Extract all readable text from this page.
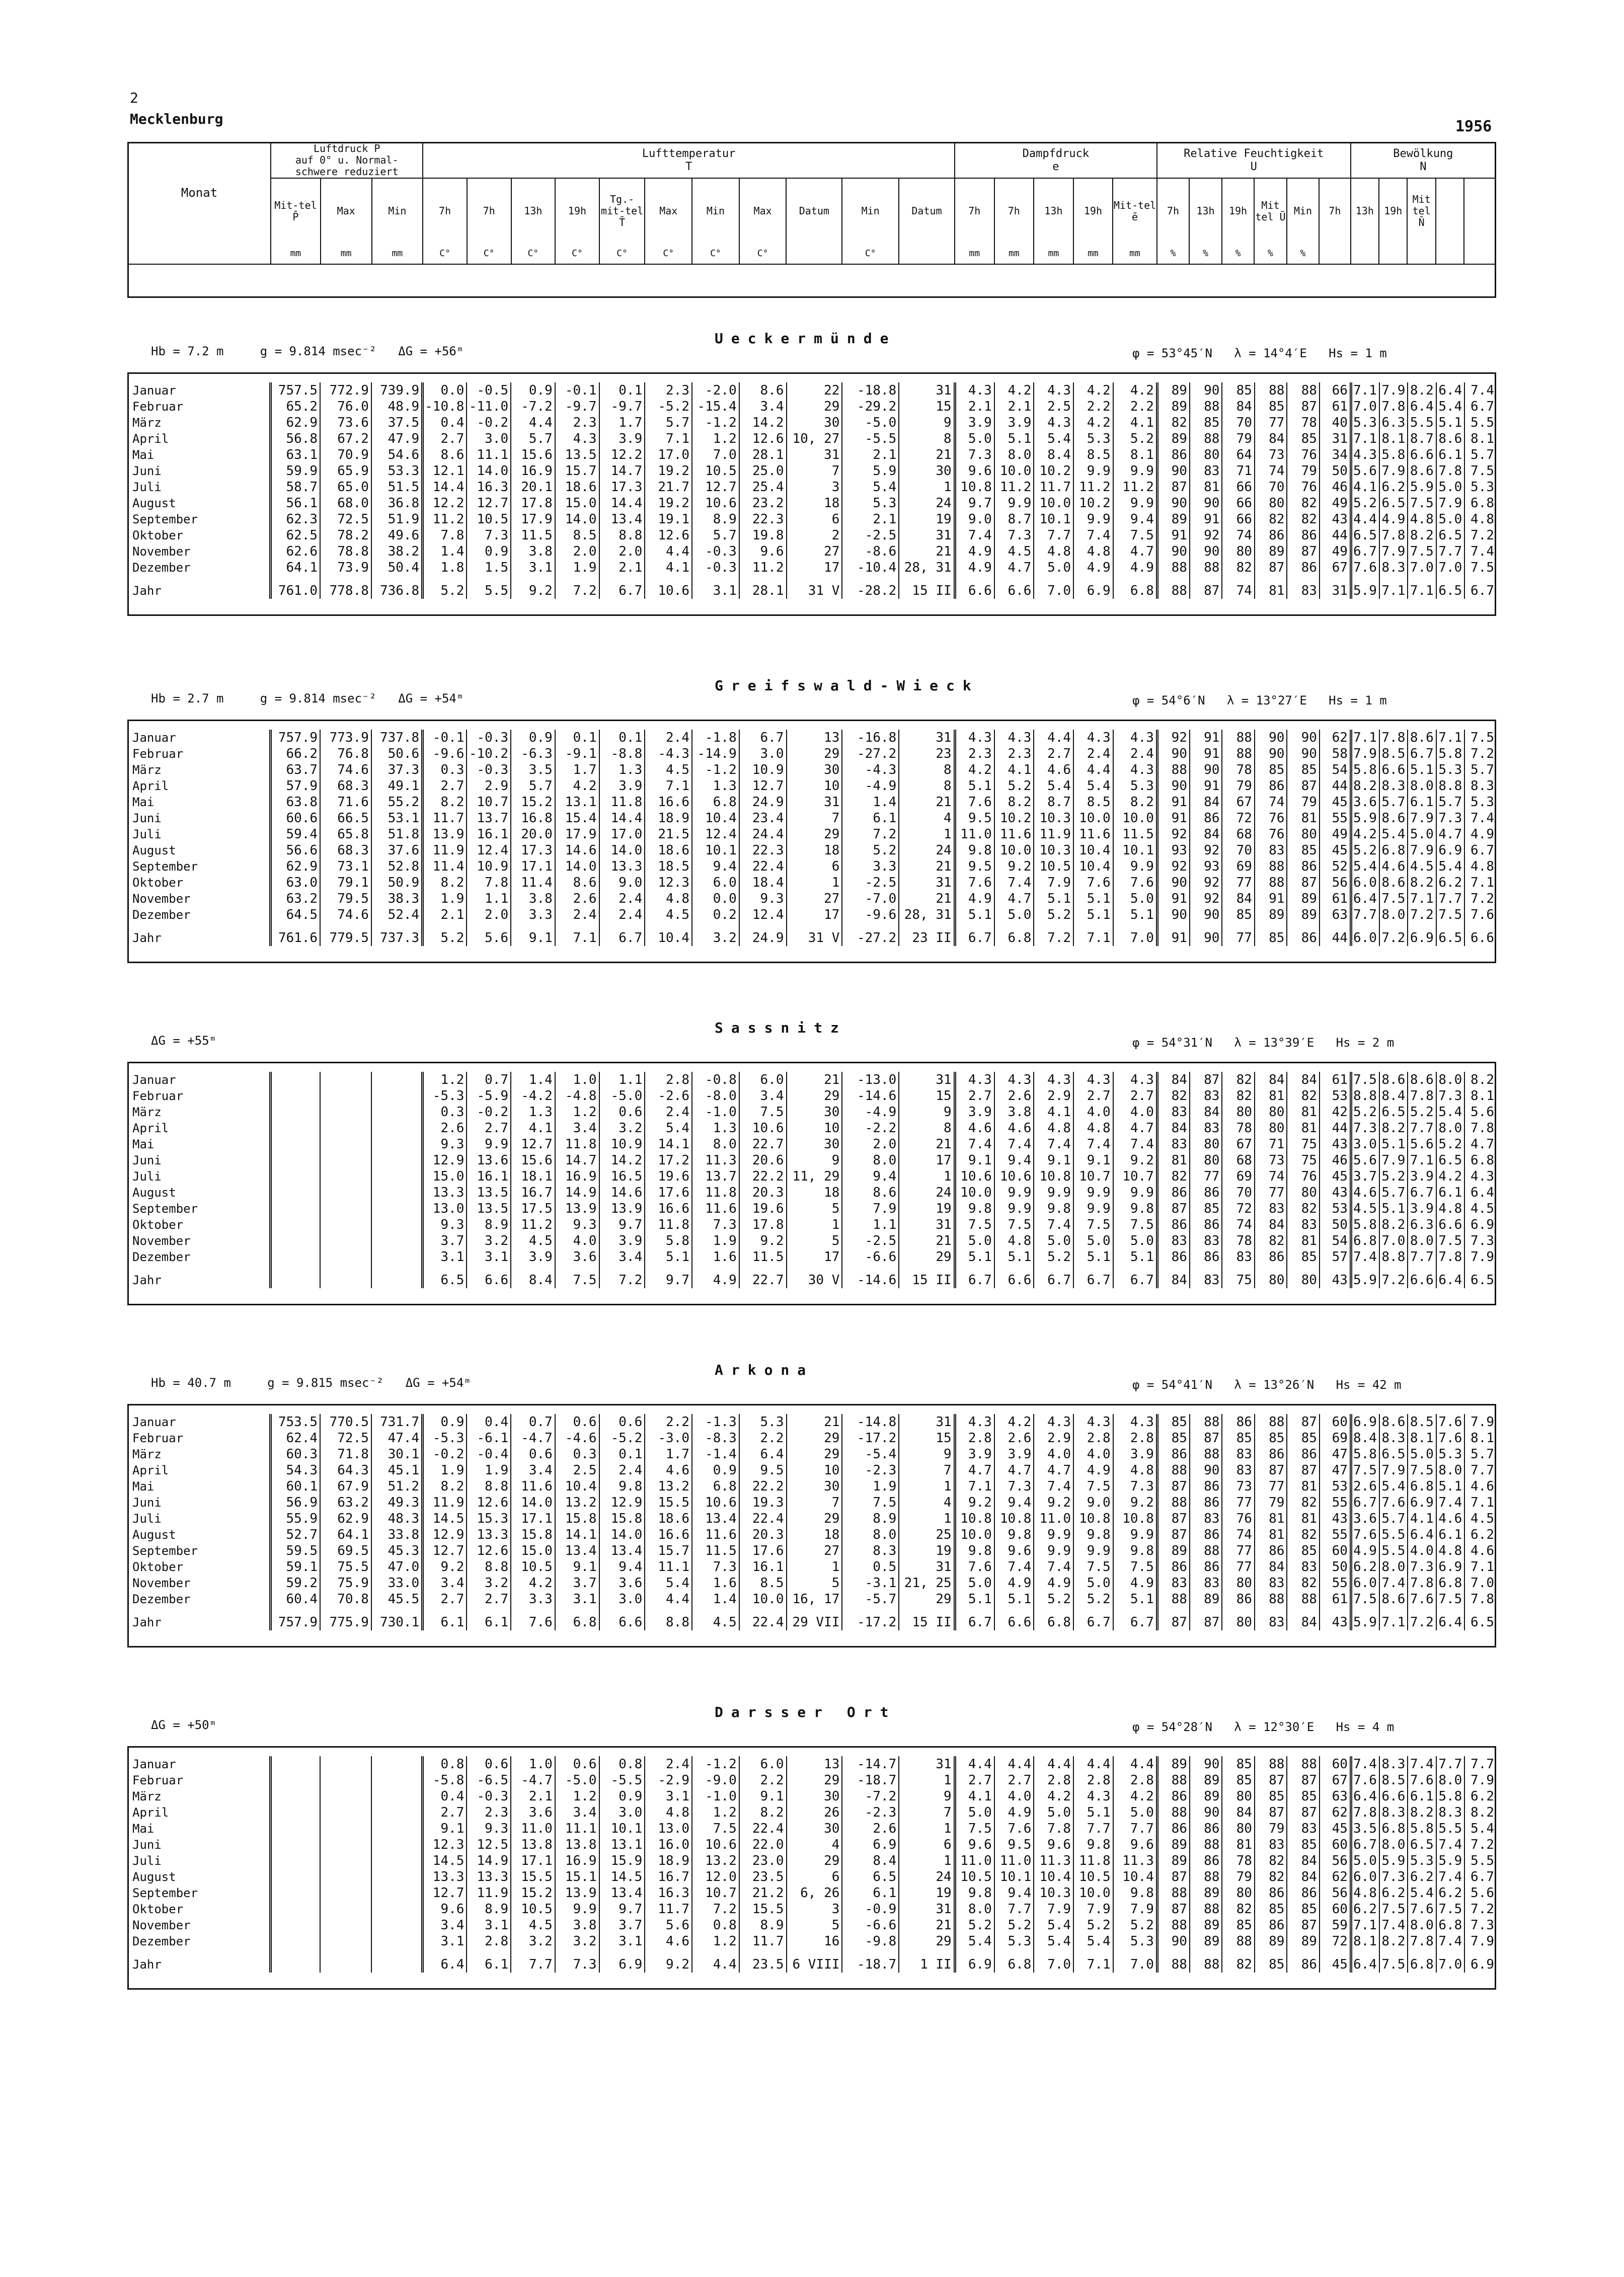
2
Mecklenburg	1956
Monat	Luftdruck P
auf 0° u. Normal-
schwere reduziert			Lufttemperatur
T											Dampfdruck
e					Relative Feuchtigkeit
U						Bewölkung
N				
	Mit-tel P̄	Max	Min	7h	7h	13h	19h	Tg.-mit-tel T̄	Max	Min	Max	Datum	Min	Datum	7h	7h	13h	19h	Mit-tel ē	7h	13h	19h	Mit tel Ū	Min	7h	13h	19h	Mit tel N̄		
	mm	mm	mm	C°	C°	C°	C°	C°	C°	C°	C°		C°		mm	mm	mm	mm	mm	%	%	%	%	%						

Ueckermünde
Hb = 7.2 m     g = 9.814 msec⁻²   ΔG = +56ᵐ	φ = 53°45′N   λ = 14°4′E   Hs = 1 m
Januar	757.5	772.9	739.9	0.0	-0.5	0.9	-0.1	0.1	2.3	-2.0	8.6	22	-18.8	31	4.3	4.2	4.3	4.2	4.2	89	90	85	88	88	66	7.1	7.9	8.2	6.4	7.4
Februar	65.2	76.0	48.9	-10.8	-11.0	-7.2	-9.7	-9.7	-5.2	-15.4	3.4	29	-29.2	15	2.1	2.1	2.5	2.2	2.2	89	88	84	85	87	61	7.0	7.8	6.4	5.4	6.7
März	62.9	73.6	37.5	0.4	-0.2	4.4	2.3	1.7	5.7	-1.2	14.2	30	-5.0	9	3.9	3.9	4.3	4.2	4.1	82	85	70	77	78	40	5.3	6.3	5.5	5.1	5.5
April	56.8	67.2	47.9	2.7	3.0	5.7	4.3	3.9	7.1	1.2	12.6	10, 27	-5.5	8	5.0	5.1	5.4	5.3	5.2	89	88	79	84	85	31	7.1	8.1	8.7	8.6	8.1
Mai	63.1	70.9	54.6	8.6	11.1	15.6	13.5	12.2	17.0	7.0	28.1	31	2.1	21	7.3	8.0	8.4	8.5	8.1	86	80	64	73	76	34	4.3	5.8	6.6	6.1	5.7
Juni	59.9	65.9	53.3	12.1	14.0	16.9	15.7	14.7	19.2	10.5	25.0	7	5.9	30	9.6	10.0	10.2	9.9	9.9	90	83	71	74	79	50	5.6	7.9	8.6	7.8	7.5
Juli	58.7	65.0	51.5	14.4	16.3	20.1	18.6	17.3	21.7	12.7	25.4	3	5.4	1	10.8	11.2	11.7	11.2	11.2	87	81	66	70	76	46	4.1	6.2	5.9	5.0	5.3
August	56.1	68.0	36.8	12.2	12.7	17.8	15.0	14.4	19.2	10.6	23.2	18	5.3	24	9.7	9.9	10.0	10.2	9.9	90	90	66	80	82	49	5.2	6.5	7.5	7.9	6.8
September	62.3	72.5	51.9	11.2	10.5	17.9	14.0	13.4	19.1	8.9	22.3	6	2.1	19	9.0	8.7	10.1	9.9	9.4	89	91	66	82	82	43	4.4	4.9	4.8	5.0	4.8
Oktober	62.5	78.2	49.6	7.8	7.3	11.5	8.5	8.8	12.6	5.7	19.8	2	-2.5	31	7.4	7.3	7.7	7.4	7.5	91	92	74	86	86	44	6.5	7.8	8.2	6.5	7.2
November	62.6	78.8	38.2	1.4	0.9	3.8	2.0	2.0	4.4	-0.3	9.6	27	-8.6	21	4.9	4.5	4.8	4.8	4.7	90	90	80	89	87	49	6.7	7.9	7.5	7.7	7.4
Dezember	64.1	73.9	50.4	1.8	1.5	3.1	1.9	2.1	4.1	-0.3	11.2	17	-10.4	28, 31	4.9	4.7	5.0	4.9	4.9	88	88	82	87	86	67	7.6	8.3	7.0	7.0	7.5
Jahr	761.0	778.8	736.8	5.2	5.5	9.2	7.2	6.7	10.6	3.1	28.1	31 V	-28.2	15 II	6.6	6.6	7.0	6.9	6.8	88	87	74	81	83	31	5.9	7.1	7.1	6.5	6.7
Greifswald-Wieck
Hb = 2.7 m     g = 9.814 msec⁻²   ΔG = +54ᵐ	φ = 54°6′N   λ = 13°27′E   Hs = 1 m
Januar	757.9	773.9	737.8	-0.1	-0.3	0.9	0.1	0.1	2.4	-1.8	6.7	13	-16.8	31	4.3	4.3	4.4	4.3	4.3	92	91	88	90	90	62	7.1	7.8	8.6	7.1	7.5
Februar	66.2	76.8	50.6	-9.6	-10.2	-6.3	-9.1	-8.8	-4.3	-14.9	3.0	29	-27.2	23	2.3	2.3	2.7	2.4	2.4	90	91	88	90	90	58	7.9	8.5	6.7	5.8	7.2
März	63.7	74.6	37.3	0.3	-0.3	3.5	1.7	1.3	4.5	-1.2	10.9	30	-4.3	8	4.2	4.1	4.6	4.4	4.3	88	90	78	85	85	54	5.8	6.6	5.1	5.3	5.7
April	57.9	68.3	49.1	2.7	2.9	5.7	4.2	3.9	7.1	1.3	12.7	10	-4.9	8	5.1	5.2	5.4	5.4	5.3	90	91	79	86	87	44	8.2	8.3	8.0	8.8	8.3
Mai	63.8	71.6	55.2	8.2	10.7	15.2	13.1	11.8	16.6	6.8	24.9	31	1.4	21	7.6	8.2	8.7	8.5	8.2	91	84	67	74	79	45	3.6	5.7	6.1	5.7	5.3
Juni	60.6	66.5	53.1	11.7	13.7	16.8	15.4	14.4	18.9	10.4	23.4	7	6.1	4	9.5	10.2	10.3	10.0	10.0	91	86	72	76	81	55	5.9	8.6	7.9	7.3	7.4
Juli	59.4	65.8	51.8	13.9	16.1	20.0	17.9	17.0	21.5	12.4	24.4	29	7.2	1	11.0	11.6	11.9	11.6	11.5	92	84	68	76	80	49	4.2	5.4	5.0	4.7	4.9
August	56.6	68.3	37.6	11.9	12.4	17.3	14.6	14.0	18.6	10.1	22.3	18	5.2	24	9.8	10.0	10.3	10.4	10.1	93	92	70	83	85	45	5.2	6.8	7.9	6.9	6.7
September	62.9	73.1	52.8	11.4	10.9	17.1	14.0	13.3	18.5	9.4	22.4	6	3.3	21	9.5	9.2	10.5	10.4	9.9	92	93	69	88	86	52	5.4	4.6	4.5	5.4	4.8
Oktober	63.0	79.1	50.9	8.2	7.8	11.4	8.6	9.0	12.3	6.0	18.4	1	-2.5	31	7.6	7.4	7.9	7.6	7.6	90	92	77	88	87	56	6.0	8.6	8.2	6.2	7.1
November	63.2	79.5	38.3	1.9	1.1	3.8	2.6	2.4	4.8	0.0	9.3	27	-7.0	21	4.9	4.7	5.1	5.1	5.0	91	92	84	91	89	61	6.4	7.5	7.1	7.7	7.2
Dezember	64.5	74.6	52.4	2.1	2.0	3.3	2.4	2.4	4.5	0.2	12.4	17	-9.6	28, 31	5.1	5.0	5.2	5.1	5.1	90	90	85	89	89	63	7.7	8.0	7.2	7.5	7.6
Jahr	761.6	779.5	737.3	5.2	5.6	9.1	7.1	6.7	10.4	3.2	24.9	31 V	-27.2	23 II	6.7	6.8	7.2	7.1	7.0	91	90	77	85	86	44	6.0	7.2	6.9	6.5	6.6
Sassnitz
ΔG = +55ᵐ	φ = 54°31′N   λ = 13°39′E   Hs = 2 m
Januar				1.2	0.7	1.4	1.0	1.1	2.8	-0.8	6.0	21	-13.0	31	4.3	4.3	4.3	4.3	4.3	84	87	82	84	84	61	7.5	8.6	8.6	8.0	8.2
Februar				-5.3	-5.9	-4.2	-4.8	-5.0	-2.6	-8.0	3.4	29	-14.6	15	2.7	2.6	2.9	2.7	2.7	82	83	82	81	82	53	8.8	8.4	7.8	7.3	8.1
März				0.3	-0.2	1.3	1.2	0.6	2.4	-1.0	7.5	30	-4.9	9	3.9	3.8	4.1	4.0	4.0	83	84	80	80	81	42	5.2	6.5	5.2	5.4	5.6
April				2.6	2.7	4.1	3.4	3.2	5.4	1.3	10.6	10	-2.2	8	4.6	4.6	4.8	4.8	4.7	84	83	78	80	81	44	7.3	8.2	7.7	8.0	7.8
Mai				9.3	9.9	12.7	11.8	10.9	14.1	8.0	22.7	30	2.0	21	7.4	7.4	7.4	7.4	7.4	83	80	67	71	75	43	3.0	5.1	5.6	5.2	4.7
Juni				12.9	13.6	15.6	14.7	14.2	17.2	11.3	20.6	9	8.0	17	9.1	9.4	9.1	9.1	9.2	81	80	68	73	75	46	5.6	7.9	7.1	6.5	6.8
Juli				15.0	16.1	18.1	16.9	16.5	19.6	13.7	22.2	11, 29	9.4	1	10.6	10.6	10.8	10.7	10.7	82	77	69	74	76	45	3.7	5.2	3.9	4.2	4.3
August				13.3	13.5	16.7	14.9	14.6	17.6	11.8	20.3	18	8.6	24	10.0	9.9	9.9	9.9	9.9	86	86	70	77	80	43	4.6	5.7	6.7	6.1	6.4
September				13.0	13.5	17.5	13.9	13.9	16.6	11.6	19.6	5	7.9	19	9.8	9.9	9.8	9.9	9.8	87	85	72	83	82	53	4.5	5.1	3.9	4.8	4.5
Oktober				9.3	8.9	11.2	9.3	9.7	11.8	7.3	17.8	1	1.1	31	7.5	7.5	7.4	7.5	7.5	86	86	74	84	83	50	5.8	8.2	6.3	6.6	6.9
November				3.7	3.2	4.5	4.0	3.9	5.8	1.9	9.2	5	-2.5	21	5.0	4.8	5.0	5.0	5.0	83	83	78	82	81	54	6.8	7.0	8.0	7.5	7.3
Dezember				3.1	3.1	3.9	3.6	3.4	5.1	1.6	11.5	17	-6.6	29	5.1	5.1	5.2	5.1	5.1	86	86	83	86	85	57	7.4	8.8	7.7	7.8	7.9
Jahr				6.5	6.6	8.4	7.5	7.2	9.7	4.9	22.7	30 V	-14.6	15 II	6.7	6.6	6.7	6.7	6.7	84	83	75	80	80	43	5.9	7.2	6.6	6.4	6.5
Arkona
Hb = 40.7 m     g = 9.815 msec⁻²   ΔG = +54ᵐ	φ = 54°41′N   λ = 13°26′N   Hs = 42 m
Januar	753.5	770.5	731.7	0.9	0.4	0.7	0.6	0.6	2.2	-1.3	5.3	21	-14.8	31	4.3	4.2	4.3	4.3	4.3	85	88	86	88	87	60	6.9	8.6	8.5	7.6	7.9
Februar	62.4	72.5	47.4	-5.3	-6.1	-4.7	-4.6	-5.2	-3.0	-8.3	2.2	29	-17.2	15	2.8	2.6	2.9	2.8	2.8	85	87	85	85	85	69	8.4	8.3	8.1	7.6	8.1
März	60.3	71.8	30.1	-0.2	-0.4	0.6	0.3	0.1	1.7	-1.4	6.4	29	-5.4	9	3.9	3.9	4.0	4.0	3.9	86	88	83	86	86	47	5.8	6.5	5.0	5.3	5.7
April	54.3	64.3	45.1	1.9	1.9	3.4	2.5	2.4	4.6	0.9	9.5	10	-2.3	7	4.7	4.7	4.7	4.9	4.8	88	90	83	87	87	47	7.5	7.9	7.5	8.0	7.7
Mai	60.1	67.9	51.2	8.2	8.8	11.6	10.4	9.8	13.2	6.8	22.2	30	1.9	1	7.1	7.3	7.4	7.5	7.3	87	86	73	77	81	53	2.6	5.4	6.8	5.1	4.6
Juni	56.9	63.2	49.3	11.9	12.6	14.0	13.2	12.9	15.5	10.6	19.3	7	7.5	4	9.2	9.4	9.2	9.0	9.2	88	86	77	79	82	55	6.7	7.6	6.9	7.4	7.1
Juli	55.9	62.9	48.3	14.5	15.3	17.1	15.8	15.8	18.6	13.4	22.4	29	8.9	1	10.8	10.8	11.0	10.8	10.8	87	83	76	81	81	43	3.6	5.7	4.1	4.6	4.5
August	52.7	64.1	33.8	12.9	13.3	15.8	14.1	14.0	16.6	11.6	20.3	18	8.0	25	10.0	9.8	9.9	9.8	9.9	87	86	74	81	82	55	7.6	5.5	6.4	6.1	6.2
September	59.5	69.5	45.3	12.7	12.6	15.0	13.4	13.4	15.7	11.5	17.6	27	8.3	19	9.8	9.6	9.9	9.9	9.8	89	88	77	86	85	60	4.9	5.5	4.0	4.8	4.6
Oktober	59.1	75.5	47.0	9.2	8.8	10.5	9.1	9.4	11.1	7.3	16.1	1	0.5	31	7.6	7.4	7.4	7.5	7.5	86	86	77	84	83	50	6.2	8.0	7.3	6.9	7.1
November	59.2	75.9	33.0	3.4	3.2	4.2	3.7	3.6	5.4	1.6	8.5	5	-3.1	21, 25	5.0	4.9	4.9	5.0	4.9	83	83	80	83	82	55	6.0	7.4	7.8	6.8	7.0
Dezember	60.4	70.8	45.5	2.7	2.7	3.3	3.1	3.0	4.4	1.4	10.0	16, 17	-5.7	29	5.1	5.1	5.2	5.2	5.1	88	89	86	88	88	61	7.5	8.6	7.6	7.5	7.8
Jahr	757.9	775.9	730.1	6.1	6.1	7.6	6.8	6.6	8.8	4.5	22.4	29 VII	-17.2	15 II	6.7	6.6	6.8	6.7	6.7	87	87	80	83	84	43	5.9	7.1	7.2	6.4	6.5
Darsser Ort
ΔG = +50ᵐ	φ = 54°28′N   λ = 12°30′E   Hs = 4 m
Januar				0.8	0.6	1.0	0.6	0.8	2.4	-1.2	6.0	13	-14.7	31	4.4	4.4	4.4	4.4	4.4	89	90	85	88	88	60	7.4	8.3	7.4	7.7	7.7
Februar				-5.8	-6.5	-4.7	-5.0	-5.5	-2.9	-9.0	2.2	29	-18.7	1	2.7	2.7	2.8	2.8	2.8	88	89	85	87	87	67	7.6	8.5	7.6	8.0	7.9
März				0.4	-0.3	2.1	1.2	0.9	3.1	-1.0	9.1	30	-7.2	9	4.1	4.0	4.2	4.3	4.2	86	89	80	85	85	63	6.4	6.6	6.1	5.8	6.2
April				2.7	2.3	3.6	3.4	3.0	4.8	1.2	8.2	26	-2.3	7	5.0	4.9	5.0	5.1	5.0	88	90	84	87	87	62	7.8	8.3	8.2	8.3	8.2
Mai				9.1	9.3	11.0	11.1	10.1	13.0	7.5	22.4	30	2.6	1	7.5	7.6	7.8	7.7	7.7	86	86	80	79	83	45	3.5	6.8	5.8	5.5	5.4
Juni				12.3	12.5	13.8	13.8	13.1	16.0	10.6	22.0	4	6.9	6	9.6	9.5	9.6	9.8	9.6	89	88	81	83	85	60	6.7	8.0	6.5	7.4	7.2
Juli				14.5	14.9	17.1	16.9	15.9	18.9	13.2	23.0	29	8.4	1	11.0	11.0	11.3	11.8	11.3	89	86	78	82	84	56	5.0	5.9	5.3	5.9	5.5
August				13.3	13.3	15.5	15.1	14.5	16.7	12.0	23.5	6	6.5	24	10.5	10.1	10.4	10.5	10.4	87	88	79	82	84	62	6.0	7.3	6.2	7.4	6.7
September				12.7	11.9	15.2	13.9	13.4	16.3	10.7	21.2	6, 26	6.1	19	9.8	9.4	10.3	10.0	9.8	88	89	80	86	86	56	4.8	6.2	5.4	6.2	5.6
Oktober				9.6	8.9	10.5	9.9	9.7	11.7	7.2	15.5	3	-0.9	31	8.0	7.7	7.9	7.9	7.9	87	88	82	85	85	60	6.2	7.5	7.6	7.5	7.2
November				3.4	3.1	4.5	3.8	3.7	5.6	0.8	8.9	5	-6.6	21	5.2	5.2	5.4	5.2	5.2	88	89	85	86	87	59	7.1	7.4	8.0	6.8	7.3
Dezember				3.1	2.8	3.2	3.2	3.1	4.6	1.2	11.7	16	-9.8	29	5.4	5.3	5.4	5.4	5.3	90	89	88	89	89	72	8.1	8.2	7.8	7.4	7.9
Jahr				6.4	6.1	7.7	7.3	6.9	9.2	4.4	23.5	6 VIII	-18.7	1 II	6.9	6.8	7.0	7.1	7.0	88	88	82	85	86	45	6.4	7.5	6.8	7.0	6.9
